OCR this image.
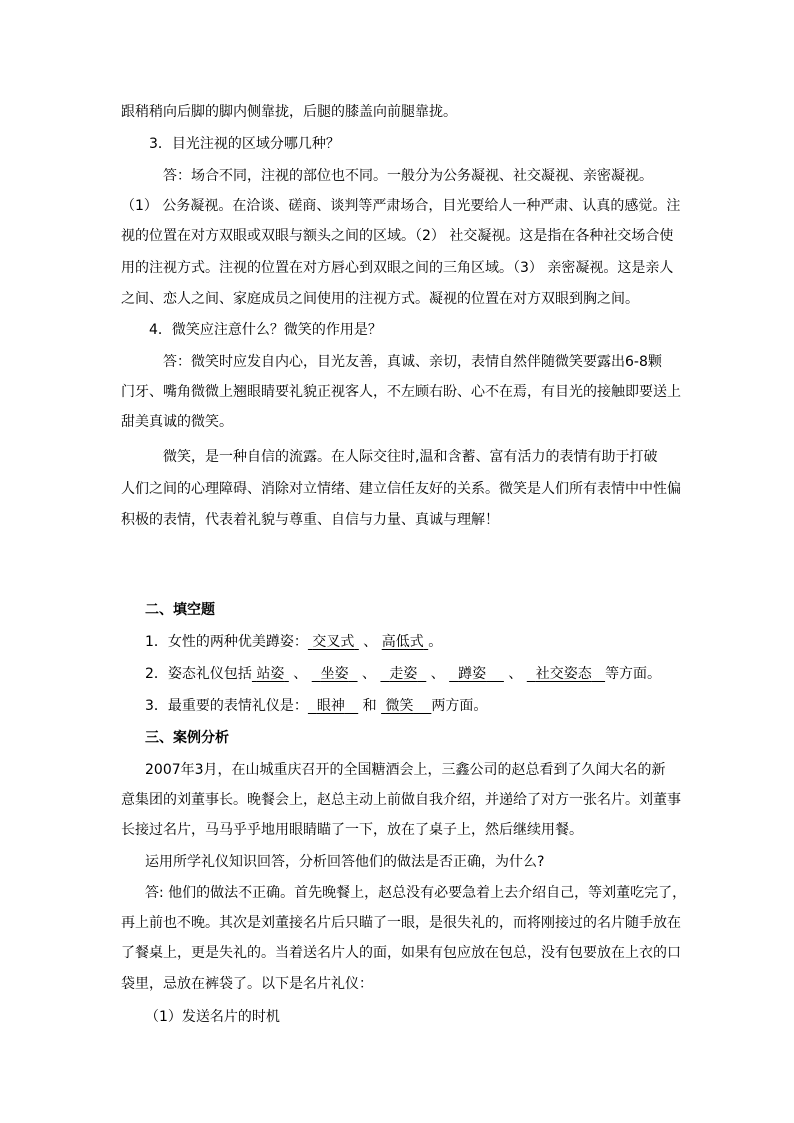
跟稍稍向后脚的脚内侧靠拢，后腿的膝盖向前腿靠拢。
3．目光注视的区域分哪几种？
答：场合不同，注视的部位也不同。一般分为公务凝视、社交凝视、亲密凝视。
（1） 公务凝视。在洽谈、磋商、谈判等严肃场合，目光要给人一种严肃、认真的感觉。注
视的位置在对方双眼或双眼与额头之间的区域。（2） 社交凝视。这是指在各种社交场合使
用的注视方式。注视的位置在对方唇心到双眼之间的三角区域。（3） 亲密凝视。这是亲人
之间、恋人之间、家庭成员之间使用的注视方式。凝视的位置在对方双眼到胸之间。
4．微笑应注意什么？微笑的作用是？
答：微笑时应发自内心，目光友善，真诚、亲切，表情自然伴随微笑要露出6-8颗
门牙、嘴角微微上翘眼睛要礼貌正视客人，不左顾右盼、心不在焉，有目光的接触即要送上
甜美真诚的微笑。
微笑，是一种自信的流露。在人际交往时,温和含蓄、富有活力的表情有助于打破
人们之间的心理障碍、消除对立情绪、建立信任友好的关系。微笑是人们所有表情中中性偏
积极的表情，代表着礼貌与尊重、自信与力量、真诚与理解！
二、填空题
1．女性的两种优美蹲姿： 交叉式 、 高低式 。
2．姿态礼仪包括 站姿 、 坐姿 、 走姿 、 蹲姿 、 社交姿态 等方面。
3．最重要的表情礼仪是： 眼神 和 微笑 两方面。
三、案例分析
2007年3月，在山城重庆召开的全国糖酒会上，三鑫公司的赵总看到了久闻大名的新
意集团的刘董事长。晚餐会上，赵总主动上前做自我介绍，并递给了对方一张名片。刘董事
长接过名片，马马乎乎地用眼睛瞄了一下，放在了桌子上，然后继续用餐。
运用所学礼仪知识回答，分析回答他们的做法是否正确，为什么?
答: 他们的做法不正确。首先晚餐上，赵总没有必要急着上去介绍自己，等刘董吃完了，
再上前也不晚。其次是刘董接名片后只瞄了一眼，是很失礼的，而将刚接过的名片随手放在
了餐桌上，更是失礼的。当着送名片人的面，如果有包应放在包总，没有包要放在上衣的口
袋里，忌放在裤袋了。以下是名片礼仪：
（1）发送名片的时机
